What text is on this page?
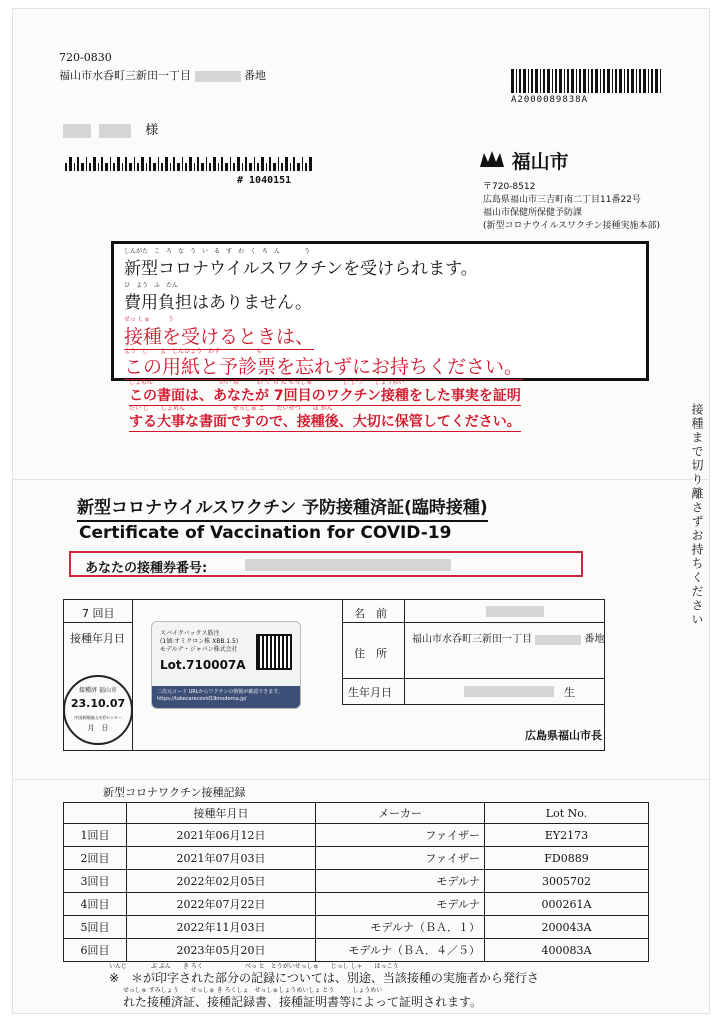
720-0830
福山市水呑町三新田一丁目	番地
様
# 1040151
A2000089838A
福山市
〒720-8512
広島県福山市三吉町南二丁目11番22号
福山市保健所保健予防課
(新型コロナウイルスワクチン接種実施本部)
しんがた　こ　ろ　な　う　い　る　す　わ　く　ち　ん　　　　う
新型コロナウイルスワクチンを受けられます。
ひ　よう　ふ　たん
費用負担はありません。
せっ しゅ　　　う
接種を受けるときは、
よう　し　　よ　しんひょう　わす　　　　　　も
この用紙と予診票を忘れずにお持ちください。
しょめん　　　　　　　　　　　かい め　　　わ く ち ん せっしゅ　　　　　じ じつ　　しょうめい
この書面は、あなたが 7回目のワクチン接種をした事実を証明
だい じ　　しょめん　　　　　　　　せっしゅ ご　　たいせつ　　ほ かん
する大事な書面ですので、接種後、大切に保管してください。	接種まで切り離さずお持ちください
新型コロナウイルスワクチン 予防接種済証(臨時接種)
Certificate of Vaccination for COVID-19
あなたの接種券番号:
7 回目
接種年月日
名　前
住　所
福山市水呑町三新田一丁目	番地
生年月日	生
広島県福山市長
スパイクバックス筋注
(1価:オミクロン株 XBB.1.5)
モデルナ・ジャパン株式会社
Lot.710007A
二次元コード URLからワクチンの情報が確認できます。
https://takecarecovid19moderna.jp/
接種済 福山市
23.10.07
中国新聞福山水呑センター
月　日
新型コロナワクチン接種記録
	接種年月日	メーカー	Lot No.
1回目	2021年06月12日	ファイザー	EY2173
2回目	2021年07月03日	ファイザー	FD0889
3回目	2022年02月05日	モデルナ	3005702
4回目	2022年07月22日	モデルナ	000261A
5回目	2022年11月03日	モデルナ（ＢＡ．１）	200043A
6回目	2023年05月20日	モデルナ（ＢＡ．４／５）	400083A
いんじ　　　　ぶ ぶん　　き ろく　　　　　　　べっ と　とうがいせっしゅ　　じっし しゃ　　はっこう
※　＊が印字された部分の記録については、別途、当該接種の実施者から発行さ
せっしゅ すみしょう　　せっしゅ き ろくしょ　せっしゅしょうめいしょ とう　　　しょうめい
れた接種済証、接種記録書、接種証明書等によって証明されます。
